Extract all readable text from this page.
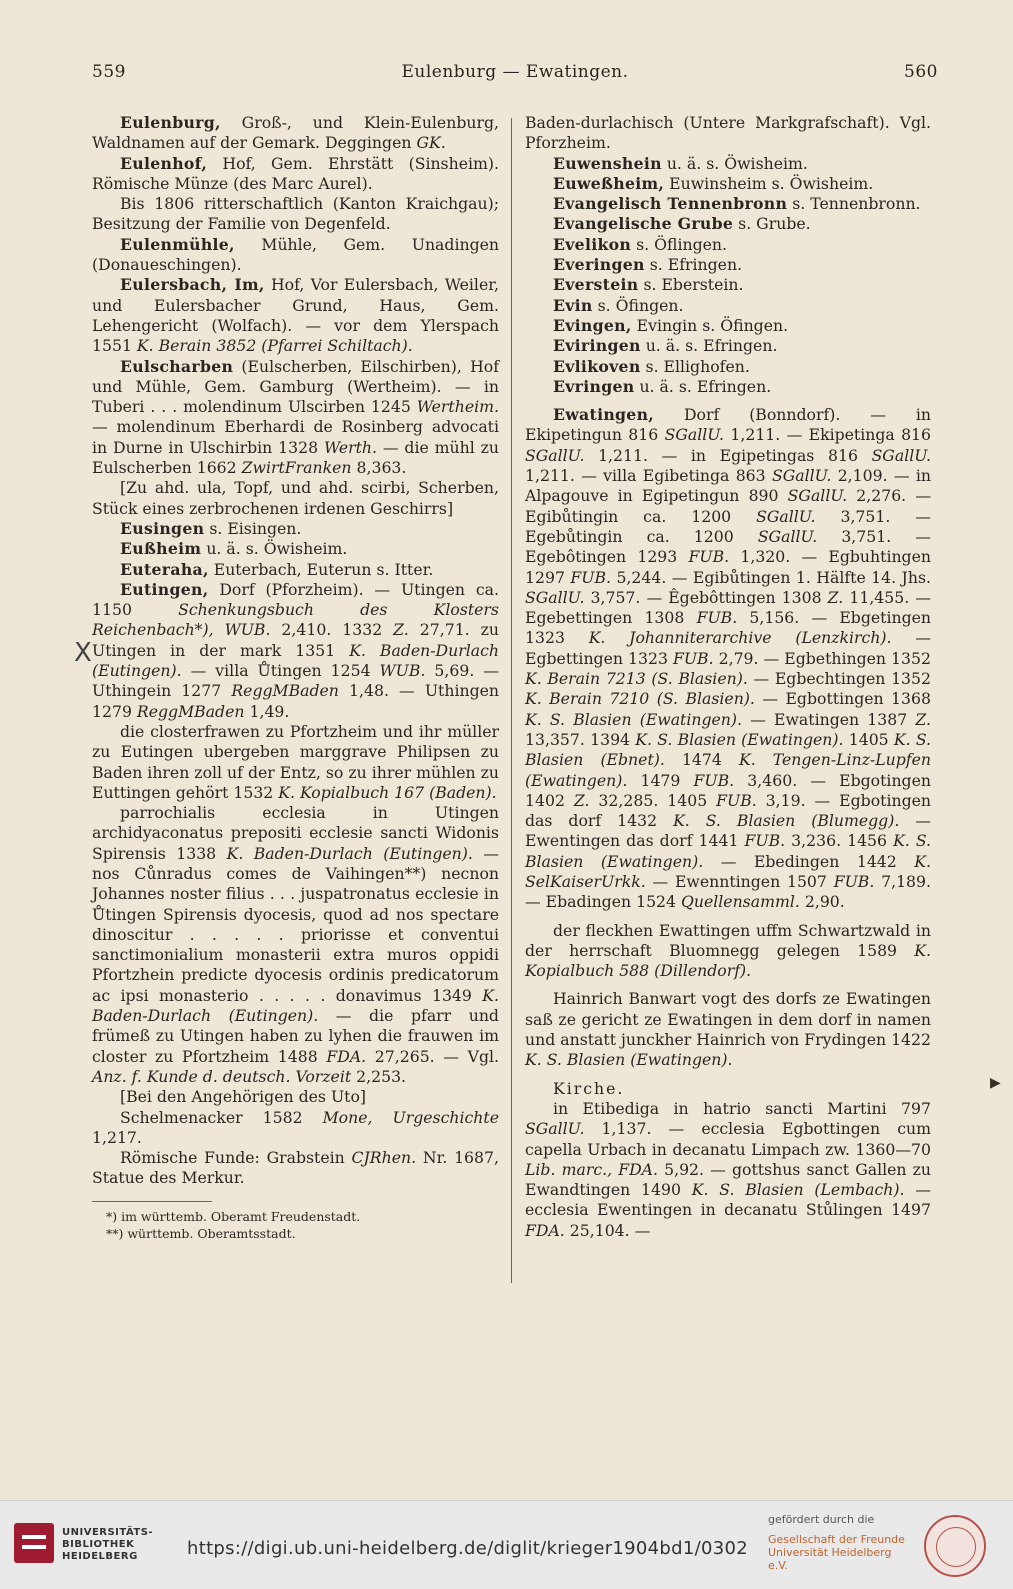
559	Eulenburg — Ewatingen.	560

Eulenburg, Groß-, und Klein-Eulenburg, Waldnamen auf der Gemark. Deggingen GK.

Eulenhof, Hof, Gem. Ehrstätt (Sinsheim). Römische Münze (des Marc Aurel).

Bis 1806 ritterschaftlich (Kanton Kraichgau); Besitzung der Familie von Degenfeld.

Eulenmühle, Mühle, Gem. Unadingen (Donaueschingen).

Eulersbach, Im, Hof, Vor Eulersbach, Weiler, und Eulersbacher Grund, Haus, Gem. Lehengericht (Wolfach). — vor dem Ylerspach 1551 K. Berain 3852 (Pfarrei Schiltach).

Eulscharben (Eulscherben, Eilschirben), Hof und Mühle, Gem. Gamburg (Wertheim). — in Tuberi . . . molendinum Ulscirben 1245 Wertheim. — molendinum Eberhardi de Rosinberg advocati in Durne in Ulschirbin 1328 Werth. — die mühl zu Eulscherben 1662 ZwirtFranken 8,363.

[Zu ahd. ula, Topf, und ahd. scirbi, Scherben, Stück eines zerbrochenen irdenen Geschirrs]

Eusingen s. Eisingen.

Eußheim u. ä. s. Öwisheim.

Euteraha, Euterbach, Euterun s. Itter.

Eutingen, Dorf (Pforzheim). — Utingen ca. 1150 Schenkungsbuch des Klosters Reichenbach*), WUB. 2,410. 1332 Z. 27,71. zu Utingen in der mark 1351 K. Baden-Durlach (Eutingen). — villa Ůtingen 1254 WUB. 5,69. — Uthingein 1277 ReggMBaden 1,48. — Uthingen 1279 ReggMBaden 1,49.

die closterfrawen zu Pfortzheim und ihr müller zu Eutingen ubergeben marggrave Philipsen zu Baden ihren zoll uf der Entz, so zu ihrer mühlen zu Euttingen gehört 1532 K. Kopialbuch 167 (Baden).

parrochialis ecclesia in Utingen archidyaconatus prepositi ecclesie sancti Widonis Spirensis 1338 K. Baden-Durlach (Eutingen). — nos Cůnradus comes de Vaihingen**) necnon Johannes noster filius . . . juspatronatus ecclesie in Ůtingen Spirensis dyocesis, quod ad nos spectare dinoscitur . . . . . priorisse et conventui sanctimonialium monasterii extra muros oppidi Pfortzhein predicte dyocesis ordinis predicatorum ac ipsi monasterio . . . . . donavimus 1349 K. Baden-Durlach (Eutingen). — die pfarr und frümeß zu Utingen haben zu lyhen die frauwen im closter zu Pfortzheim 1488 FDA. 27,265. — Vgl. Anz. f. Kunde d. deutsch. Vorzeit 2,253.

[Bei den Angehörigen des Uto]

Schelmenacker 1582 Mone, Urgeschichte 1,217.

Römische Funde: Grabstein CJRhen. Nr. 1687, Statue des Merkur.

*) im württemb. Oberamt Freudenstadt.

**) württemb. Oberamtsstadt.

Baden-durlachisch (Untere Markgrafschaft). Vgl. Pforzheim.

Euwenshein u. ä. s. Öwisheim.

Euweßheim, Euwinsheim s. Öwisheim.

Evangelisch Tennenbronn s. Tennenbronn.

Evangelische Grube s. Grube.

Evelikon s. Öflingen.

Everingen s. Efringen.

Everstein s. Eberstein.

Evin s. Öfingen.

Evingen, Evingin s. Öfingen.

Eviringen u. ä. s. Efringen.

Evlikoven s. Ellighofen.

Evringen u. ä. s. Efringen.

Ewatingen, Dorf (Bonndorf). — in Ekipetingun 816 SGallU. 1,211. — Ekipetinga 816 SGallU. 1,211. — in Egipetingas 816 SGallU. 1,211. — villa Egibetinga 863 SGallU. 2,109. — in Alpagouve in Egipetingun 890 SGallU. 2,276. — Egibůtingin ca. 1200 SGallU. 3,751. — Egebůtingin ca. 1200 SGallU. 3,751. — Egebôtingen 1293 FUB. 1,320. — Egbuhtingen 1297 FUB. 5,244. — Egibůtingen 1. Hälfte 14. Jhs. SGallU. 3,757. — Êgebôttingen 1308 Z. 11,455. — Egebettingen 1308 FUB. 5,156. — Ebgetingen 1323 K. Johanniterarchive (Lenzkirch). — Egbettingen 1323 FUB. 2,79. — Egbethingen 1352 K. Berain 7213 (S. Blasien). — Egbechtingen 1352 K. Berain 7210 (S. Blasien). — Egbottingen 1368 K. S. Blasien (Ewatingen). — Ewatingen 1387 Z. 13,357. 1394 K. S. Blasien (Ewatingen). 1405 K. S. Blasien (Ebnet). 1474 K. Tengen-Linz-Lupfen (Ewatingen). 1479 FUB. 3,460. — Ebgotingen 1402 Z. 32,285. 1405 FUB. 3,19. — Egbotingen das dorf 1432 K. S. Blasien (Blumegg). — Ewentingen das dorf 1441 FUB. 3,236. 1456 K. S. Blasien (Ewatingen). — Ebedingen 1442 K. SelKaiserUrkk. — Ewenntingen 1507 FUB. 7,189. — Ebadingen 1524 Quellensamml. 2,90.

der fleckhen Ewattingen uffm Schwartzwald in der herrschaft Bluomnegg gelegen 1589 K. Kopialbuch 588 (Dillendorf).

Hainrich Banwart vogt des dorfs ze Ewatingen saß ze gericht ze Ewatingen in dem dorf in namen und anstatt junckher Hainrich von Frydingen 1422 K. S. Blasien (Ewatingen).

Kirche.

in Etibediga in hatrio sancti Martini 797 SGallU. 1,137. — ecclesia Egbottingen cum capella Urbach in decanatu Limpach zw. 1360—70 Lib. marc., FDA. 5,92. — gottshus sanct Gallen zu Ewandtingen 1490 K. S. Blasien (Lembach). — ecclesia Ewentingen in decanatu Stůlingen 1497 FDA. 25,104. —

X
▶
UNIVERSITÄTS-
BIBLIOTHEK
HEIDELBERG	https://digi.ub.uni-heidelberg.de/diglit/krieger1904bd1/0302
gefördert durch die
Gesellschaft der Freunde
Universität Heidelberg e.V.
